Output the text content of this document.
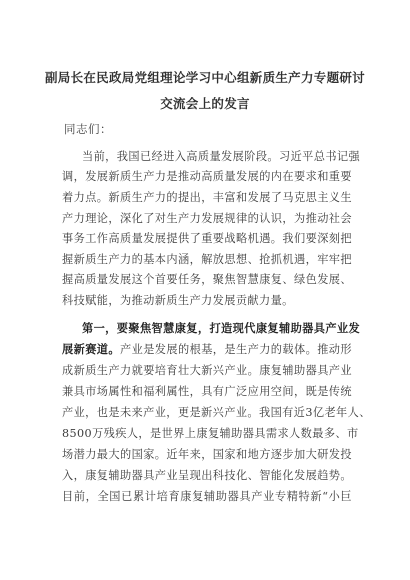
副局长在民政局党组理论学习中心组新质生产力专题研讨
交流会上的发言
同志们：
当前，我国已经进入高质量发展阶段。习近平总书记强
调，发展新质生产力是推动高质量发展的内在要求和重要
着力点。新质生产力的提出，丰富和发展了马克思主义生
产力理论，深化了对生产力发展规律的认识，为推动社会
事务工作高质量发展提供了重要战略机遇。我们要深刻把
握新质生产力的基本内涵，解放思想、抢抓机遇，牢牢把
握高质量发展这个首要任务，聚焦智慧康复、绿色发展、
科技赋能，为推动新质生产力发展贡献力量。
第一，要聚焦智慧康复，打造现代康复辅助器具产业发
展新赛道。产业是发展的根基，是生产力的载体。推动形
成新质生产力就要培育壮大新兴产业。康复辅助器具产业
兼具市场属性和福利属性，具有广泛应用空间，既是传统
产业，也是未来产业，更是新兴产业。我国有近3亿老年人、
8500万残疾人，是世界上康复辅助器具需求人数最多、市
场潜力最大的国家。近年来，国家和地方逐步加大研发投
入，康复辅助器具产业呈现出科技化、智能化发展趋势。
目前，全国已累计培育康复辅助器具产业专精特新“小巨
